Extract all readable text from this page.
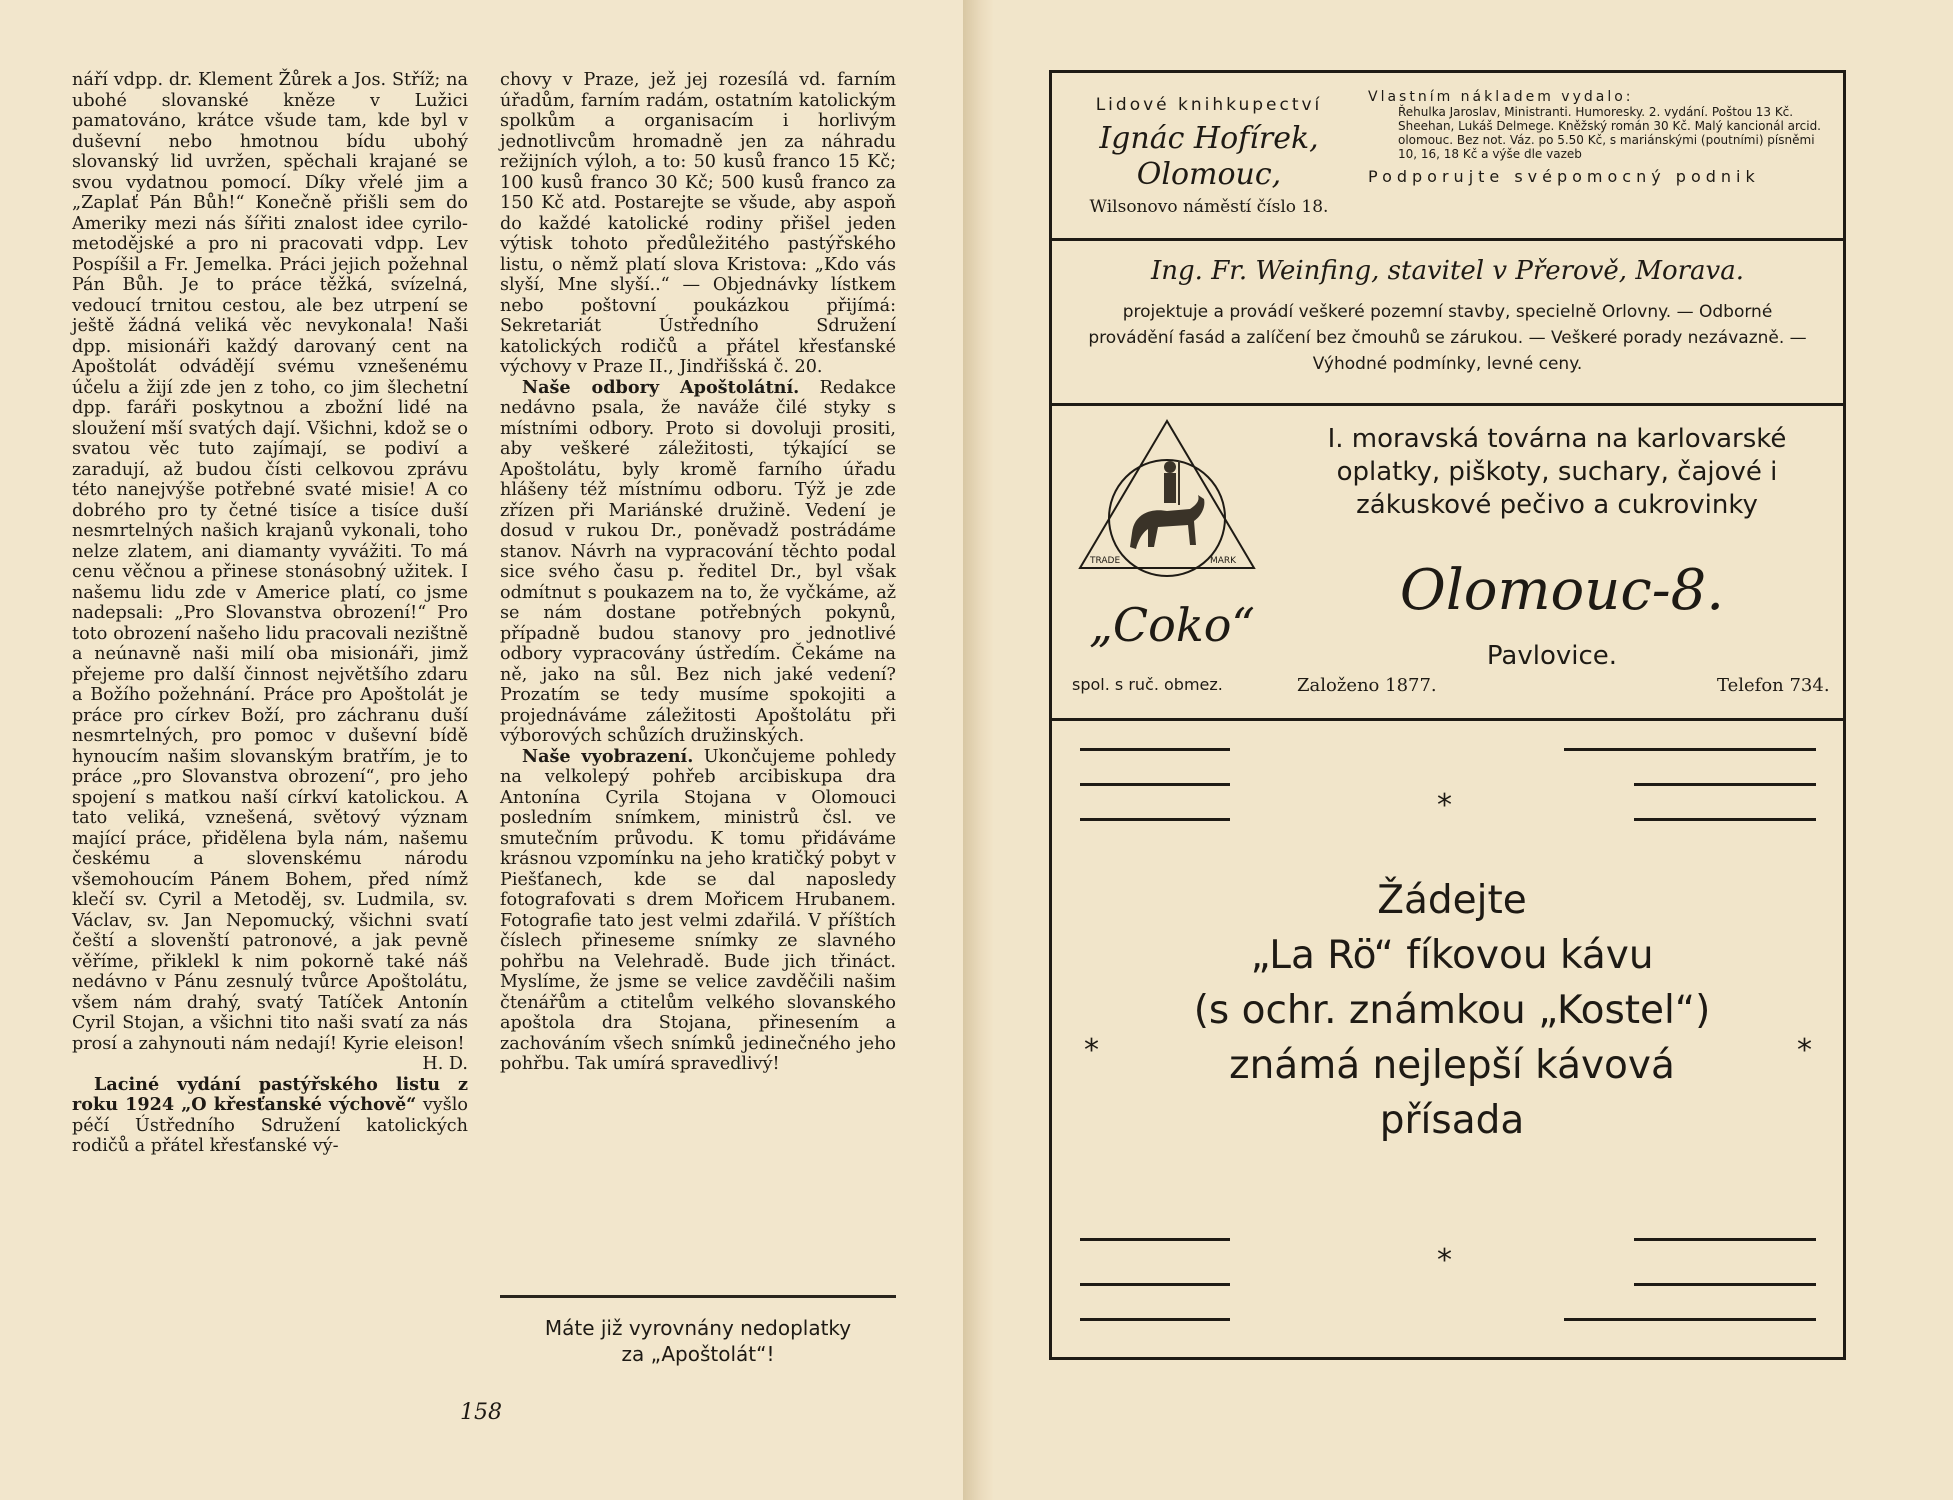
náří vdpp. dr. Klement Žůrek a Jos. Stříž; na ubohé slovanské kněze v Lužici pamatováno, krátce všude tam, kde byl v duševní nebo hmotnou bídu ubohý slovanský lid uvržen, spěchali krajané se svou vydatnou pomocí. Díky vřelé jim a „Zaplať Pán Bůh!“ Konečně přišli sem do Ameriky mezi nás šířiti znalost idee cyrilo-metodějské a pro ni pracovati vdpp. Lev Pospíšil a Fr. Jemelka. Práci jejich požehnal Pán Bůh. Je to práce těžká, svízelná, vedoucí trnitou cestou, ale bez utrpení se ještě žádná veliká věc nevykonala! Naši dpp. misionáři každý darovaný cent na Apoštolát odvádějí svému vznešenému účelu a žijí zde jen z toho, co jim šlechetní dpp. faráři poskytnou a zbožní lidé na sloužení mší svatých dají. Všichni, kdož se o svatou věc tuto zajímají, se podiví a zaradují, až budou čísti celkovou zprávu této nanejvýše potřebné svaté misie! A co dobrého pro ty četné tisíce a tisíce duší nesmrtelných našich krajanů vykonali, toho nelze zlatem, ani diamanty vyvážiti. To má cenu věčnou a přinese stonásobný užitek. I našemu lidu zde v Americe platí, co jsme nadepsali: „Pro Slovanstva obrození!“ Pro toto obrození našeho lidu pracovali nezištně a neúnavně naši milí oba misionáři, jimž přejeme pro další činnost největšího zdaru a Božího požehnání. Práce pro Apoštolát je práce pro církev Boží, pro záchranu duší nesmrtelných, pro pomoc v duševní bídě hynoucím našim slovanským bratřím, je to práce „pro Slovanstva obrození“, pro jeho spojení s matkou naší církví katolickou. A tato veliká, vznešená, světový význam mající práce, přidělena byla nám, našemu českému a slovenskému národu všemohoucím Pánem Bohem, před nímž klečí sv. Cyril a Metoděj, sv. Ludmila, sv. Václav, sv. Jan Nepomucký, všichni svatí čeští a slovenští patronové, a jak pevně věříme, přiklekl k nim pokorně také náš nedávno v Pánu zesnulý tvůrce Apoštolátu, všem nám drahý, svatý Tatíček Antonín Cyril Stojan, a všichni tito naši svatí za nás prosí a zahynouti nám nedají! Kyrie eleison!

H. D.

Laciné vydání pastýřského listu z roku 1924 „O křesťanské výchově“ vyšlo péčí Ústředního Sdružení katolických rodičů a přátel křesťanské vý-

chovy v Praze, jež jej rozesílá vd. farním úřadům, farním radám, ostatním katolickým spolkům a organisacím i horlivým jednotlivcům hromadně jen za náhradu režijních výloh, a to: 50 kusů franco 15 Kč; 100 kusů franco 30 Kč; 500 kusů franco za 150 Kč atd. Postarejte se všude, aby aspoň do každé katolické rodiny přišel jeden výtisk tohoto předůležitého pastýřského listu, o němž platí slova Kristova: „Kdo vás slyší, Mne slyší..“ — Objednávky lístkem nebo poštovní poukázkou přijímá: Sekretariát Ústředního Sdružení katolických rodičů a přátel křesťanské výchovy v Praze II., Jindřišská č. 20.

Naše odbory Apoštolátní. Redakce nedávno psala, že naváže čilé styky s místními odbory. Proto si dovoluji prositi, aby veškeré záležitosti, týkající se Apoštolátu, byly kromě farního úřadu hlášeny též místnímu odboru. Týž je zde zřízen při Mariánské družině. Vedení je dosud v rukou Dr., poněvadž postrádáme stanov. Návrh na vypracování těchto podal sice svého času p. ředitel Dr., byl však odmítnut s poukazem na to, že vyčkáme, až se nám dostane potřebných pokynů, případně budou stanovy pro jednotlivé odbory vypracovány ústředím. Čekáme na ně, jako na sůl. Bez nich jaké vedení? Prozatím se tedy musíme spokojiti a projednáváme záležitosti Apoštolátu při výborových schůzích družinských.

Naše vyobrazení. Ukončujeme pohledy na velkolepý pohřeb arcibiskupa dra Antonína Cyrila Stojana v Olomouci posledním snímkem, ministrů čsl. ve smutečním průvodu. K tomu přidáváme krásnou vzpomínku na jeho kratičký pobyt v Piešťanech, kde se dal naposledy fotografovati s drem Mořicem Hrubanem. Fotografie tato jest velmi zdařilá. V příštích číslech přineseme snímky ze slavného pohřbu na Velehradě. Bude jich třináct. Myslíme, že jsme se velice zavděčili našim čtenářům a ctitelům velkého slovanského apoštola dra Stojana, přinesením a zachováním všech snímků jedinečného jeho pohřbu. Tak umírá spravedlivý!

Máte již vyrovnány nedoplatky
za „Apoštolát“!
158
Lidové knihkupectví
Ignác Hofírek,
Olomouc,
Wilsonovo náměstí číslo 18.
Vlastním nákladem vydalo:
Řehulka Jaroslav, Ministranti. Humoresky. 2. vydání. Poštou 13 Kč. Sheehan, Lukáš Delmege. Kněžský román 30 Kč. Malý kancionál arcid. olomouc. Bez not. Váz. po 5.50 Kč, s mariánskými (poutními) písněmi 10, 16, 18 Kč a výše dle vazeb
Podporujte svépomocný podnik
Ing. Fr. Weinfing, stavitel v Přerově, Morava.
projektuje a provádí veškeré pozemní stavby, specielně Orlovny. — Odborné provádění fasád a zalíčení bez čmouhů se zárukou. — Veškeré porady nezávazně. — Výhodné podmínky, levné ceny.
TRADE	MARK
I. moravská továrna na karlovarské oplatky, piškoty, suchary, čajové i zákuskové pečivo a cukrovinky
„Coko“
Olomouc-8.
Pavlovice.
spol. s ruč. obmez.	Založeno 1877.	Telefon 734.
*
Žádejte
„La Rö“ fíkovou kávu
(s ochr. známkou „Kostel“)
známá nejlepší kávová
přísada
*	*
*
